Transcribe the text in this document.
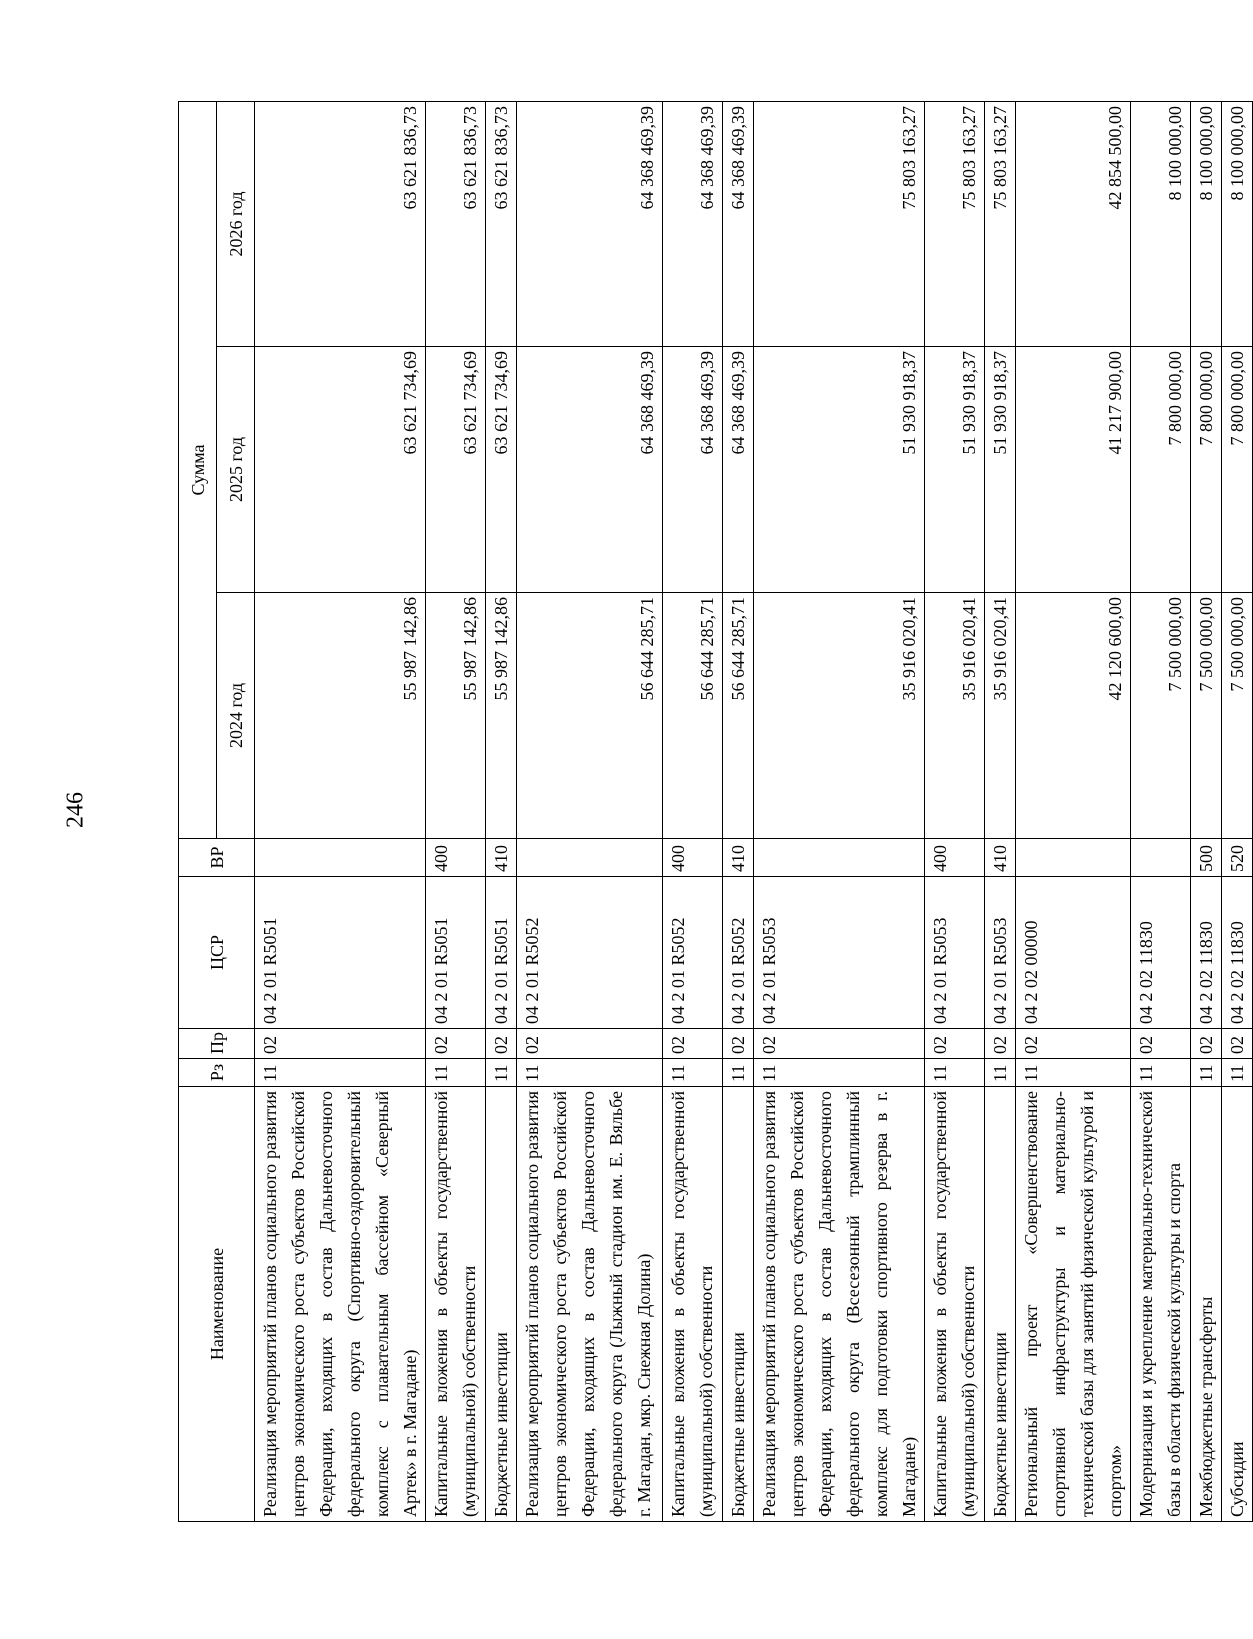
246
Наименование	Рз	Пр	ЦСР	ВР	Сумма		
					2024 год	2025 год	2026 год
Реализация мероприятий планов социального развития центров экономического роста субъектов Российской Федерации, входящих в состав Дальневосточного федерального округа (Спортивно-оздоровительный комплекс с плавательным бассейном «Северный Артек» в г. Магадане)	11	02	04 2 01 R5051		55 987 142,86	63 621 734,69	63 621 836,73
Капитальные вложения в объекты государственной (муниципальной) собственности	11	02	04 2 01 R5051	400	55 987 142,86	63 621 734,69	63 621 836,73
Бюджетные инвестиции	11	02	04 2 01 R5051	410	55 987 142,86	63 621 734,69	63 621 836,73
Реализация мероприятий планов социального развития центров экономического роста субъектов Российской Федерации, входящих в состав Дальневосточного федерального округа (Лыжный стадион им. Е. Вяльбе г. Магадан, мкр. Снежная Долина)	11	02	04 2 01 R5052		56 644 285,71	64 368 469,39	64 368 469,39
Капитальные вложения в объекты государственной (муниципальной) собственности	11	02	04 2 01 R5052	400	56 644 285,71	64 368 469,39	64 368 469,39
Бюджетные инвестиции	11	02	04 2 01 R5052	410	56 644 285,71	64 368 469,39	64 368 469,39
Реализация мероприятий планов социального развития центров экономического роста субъектов Российской Федерации, входящих в состав Дальневосточного федерального округа (Всесезонный трамплинный комплекс для подготовки спортивного резерва в г. Магадане)	11	02	04 2 01 R5053		35 916 020,41	51 930 918,37	75 803 163,27
Капитальные вложения в объекты государственной (муниципальной) собственности	11	02	04 2 01 R5053	400	35 916 020,41	51 930 918,37	75 803 163,27
Бюджетные инвестиции	11	02	04 2 01 R5053	410	35 916 020,41	51 930 918,37	75 803 163,27
Региональный проект «Совершенствование спортивной инфраструктуры и материально-технической базы для занятий физической культурой и спортом»	11	02	04 2 02 00000		42 120 600,00	41 217 900,00	42 854 500,00
Модернизация и укрепление материально-технической базы в области физической культуры и спорта	11	02	04 2 02 11830		7 500 000,00	7 800 000,00	8 100 000,00
Межбюджетные трансферты	11	02	04 2 02 11830	500	7 500 000,00	7 800 000,00	8 100 000,00
Субсидии	11	02	04 2 02 11830	520	7 500 000,00	7 800 000,00	8 100 000,00
